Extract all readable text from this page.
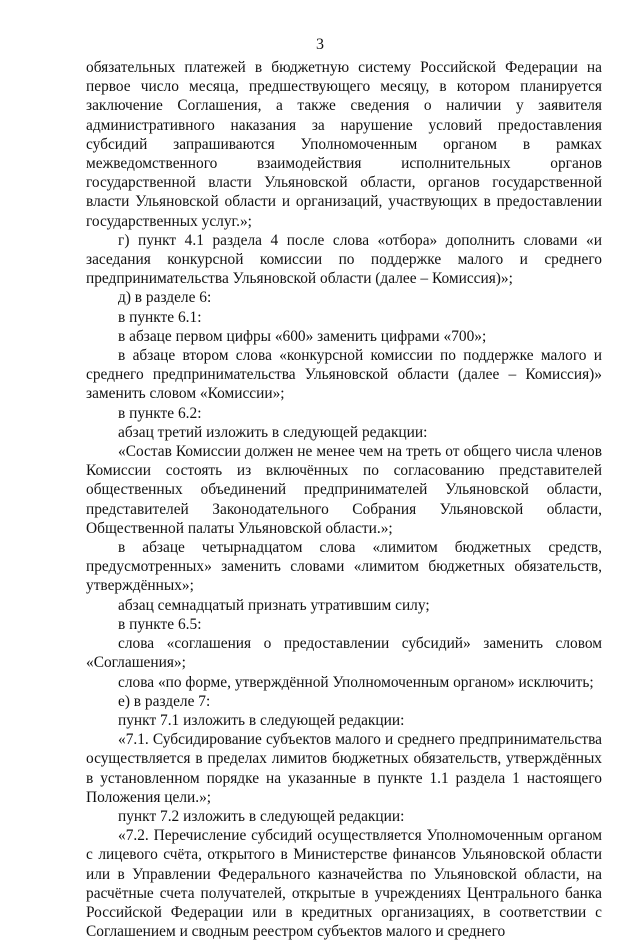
3

обязательных платежей в бюджетную систему Российской Федерации на первое число месяца, предшествующего месяцу, в котором планируется заключение Соглашения, а также сведения о наличии у заявителя административного наказания за нарушение условий предоставления субсидий запрашиваются Уполномоченным органом в рамках межведомственного взаимодействия исполнительных органов государственной власти Ульяновской области, органов государственной власти Ульяновской области и организаций, участвующих в предоставлении государственных услуг.»;

г) пункт 4.1 раздела 4 после слова «отбора» дополнить словами «и заседания конкурсной комиссии по поддержке малого и среднего предпринимательства Ульяновской области (далее – Комиссия)»;

д) в разделе 6:

в пункте 6.1:

в абзаце первом цифры «600» заменить цифрами «700»;

в абзаце втором слова «конкурсной комиссии по поддержке малого и среднего предпринимательства Ульяновской области (далее – Комиссия)» заменить словом «Комиссии»;

в пункте 6.2:

абзац третий изложить в следующей редакции:

«Состав Комиссии должен не менее чем на треть от общего числа членов Комиссии состоять из включённых по согласованию представителей общественных объединений предпринимателей Ульяновской области, представителей Законодательного Собрания Ульяновской области, Общественной палаты Ульяновской области.»;

в абзаце четырнадцатом слова «лимитом бюджетных средств, предусмотренных» заменить словами «лимитом бюджетных обязательств, утверждённых»;

абзац семнадцатый признать утратившим силу;

в пункте 6.5:

слова «соглашения о предоставлении субсидий» заменить словом «Соглашения»;

слова «по форме, утверждённой Уполномоченным органом» исключить;

е) в разделе 7:

пункт 7.1 изложить в следующей редакции:

«7.1. Субсидирование субъектов малого и среднего предпринимательства осуществляется в пределах лимитов бюджетных обязательств, утверждённых в установленном порядке на указанные в пункте 1.1 раздела 1 настоящего Положения цели.»;

пункт 7.2 изложить в следующей редакции:

«7.2. Перечисление субсидий осуществляется Уполномоченным органом с лицевого счёта, открытого в Министерстве финансов Ульяновской области или в Управлении Федерального казначейства по Ульяновской области, на расчётные счета получателей, открытые в учреждениях Центрального банка Российской Федерации или в кредитных организациях, в соответствии с Соглашением и сводным реестром субъектов малого и среднего
